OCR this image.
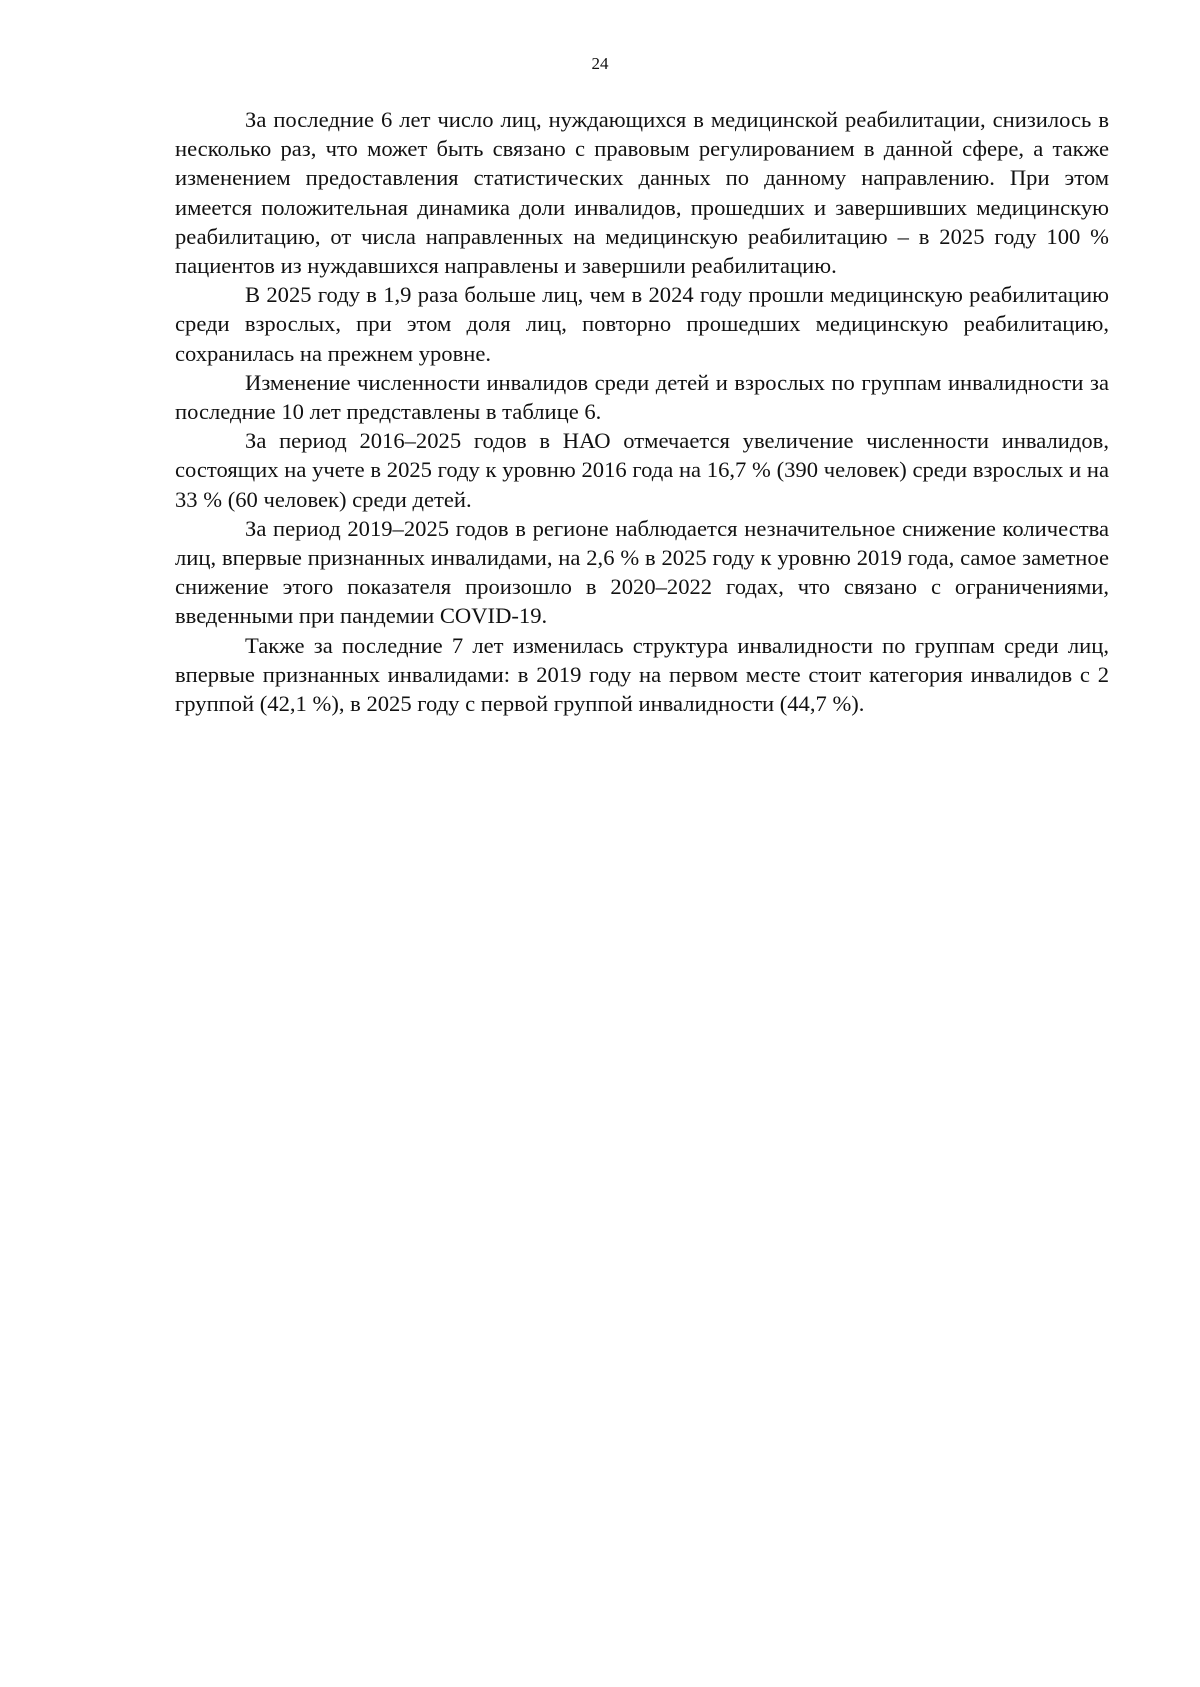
24

За последние 6 лет число лиц, нуждающихся в медицинской реабилитации, снизилось в несколько раз, что может быть связано с правовым регулированием в данной сфере, а также изменением предоставления статистических данных по данному направлению. При этом имеется положительная динамика доли инвалидов, прошедших и завершивших медицинскую реабилитацию, от числа направленных на медицинскую реабилитацию – в 2025 году 100 % пациентов из нуждавшихся направлены и завершили реабилитацию.

В 2025 году в 1,9 раза больше лиц, чем в 2024 году прошли медицинскую реабилитацию среди взрослых, при этом доля лиц, повторно прошедших медицинскую реабилитацию, сохранилась на прежнем уровне.

Изменение численности инвалидов среди детей и взрослых по группам инвалидности за последние 10 лет представлены в таблице 6.

За период 2016–2025 годов в НАО отмечается увеличение численности инвалидов, состоящих на учете в 2025 году к уровню 2016 года на 16,7 % (390 человек) среди взрослых и на 33 % (60 человек) среди детей.

За период 2019–2025 годов в регионе наблюдается незначительное снижение количества лиц, впервые признанных инвалидами, на 2,6 % в 2025 году к уровню 2019 года, самое заметное снижение этого показателя произошло в 2020–2022 годах, что связано с ограничениями, введенными при пандемии COVID-19.

Также за последние 7 лет изменилась структура инвалидности по группам среди лиц, впервые признанных инвалидами: в 2019 году на первом месте стоит категория инвалидов с 2 группой (42,1 %), в 2025 году с первой группой инвалидности (44,7 %).
